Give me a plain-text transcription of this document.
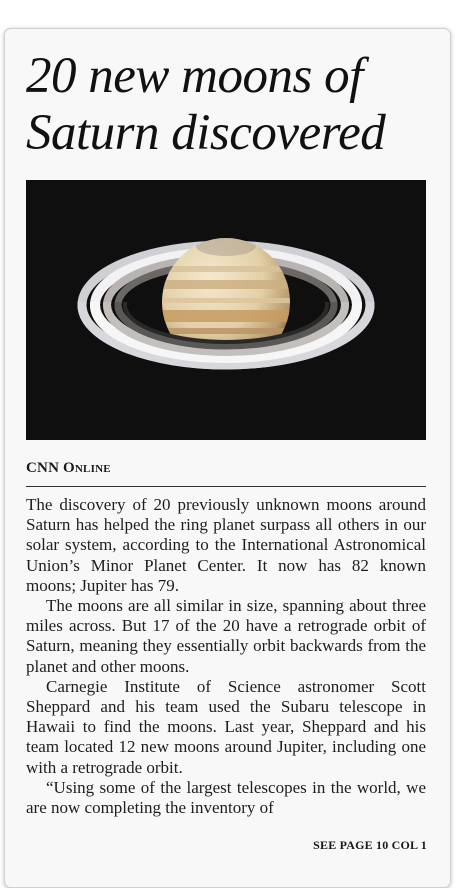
20 new moons of
Saturn discovered
CNN Online

The discovery of 20 previously unknown moons around Saturn has helped the ring planet surpass all others in our solar system, according to the International Astronomical Union’s Minor Planet Center. It now has 82 known moons; Jupiter has 79.

The moons are all similar in size, spanning about three miles across. But 17 of the 20 have a retrograde orbit of Saturn, meaning they essentially orbit backwards from the planet and other moons.

Carnegie Institute of Science astronomer Scott Sheppard and his team used the Subaru telescope in Hawaii to find the moons. Last year, Sheppard and his team located 12 new moons around Jupiter, including one with a retrograde orbit.

“Using some of the largest telescopes in the world, we are now completing the inventory of

SEE PAGE 10 COL 1
